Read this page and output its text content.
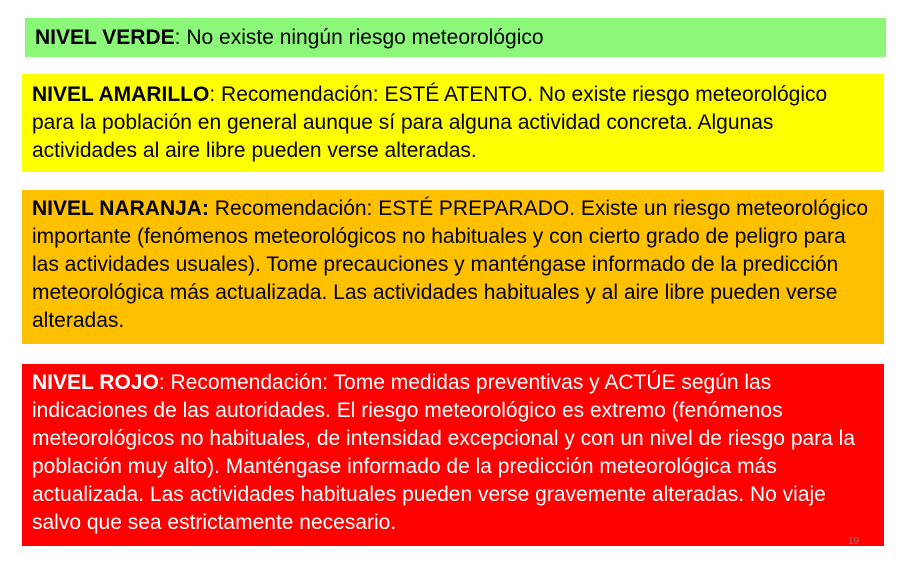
NIVEL VERDE: No existe ningún riesgo meteorológico
NIVEL AMARILLO: Recomendación: ESTÉ ATENTO. No existe riesgo meteorológico para la población en general aunque sí para alguna actividad concreta. Algunas actividades al aire libre pueden verse alteradas.
NIVEL NARANJA: Recomendación: ESTÉ PREPARADO. Existe un riesgo meteorológico importante (fenómenos meteorológicos no habituales y con cierto grado de peligro para las actividades usuales). Tome precauciones y manténgase informado de la predicción meteorológica más actualizada. Las actividades habituales y al aire libre pueden verse alteradas.
NIVEL ROJO: Recomendación: Tome medidas preventivas y ACTÚE según las indicaciones de las autoridades. El riesgo meteorológico es extremo (fenómenos meteorológicos no habituales, de intensidad excepcional y con un nivel de riesgo para la población muy alto). Manténgase informado de la predicción meteorológica más actualizada. Las actividades habituales pueden verse gravemente alteradas. No viaje salvo que sea estrictamente necesario.
19
